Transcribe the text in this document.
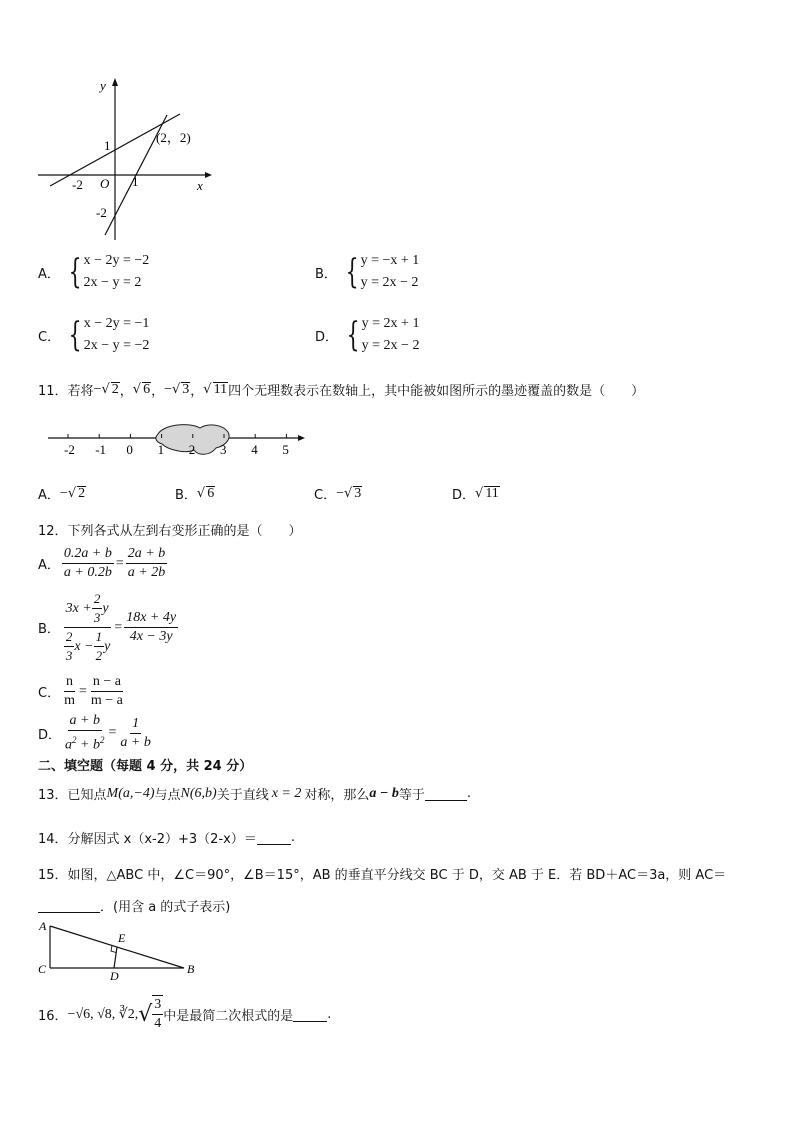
y
x
O
1
-2
-2	1
(2，2)
A． { x − 2y = −2
2x − y = 2
B． { y = −x + 1
y = 2x − 2
C． { x − 2y = −1
2x − y = −2
D． { y = 2x + 1
y = 2x − 2
11．若将 − √ 2 ， √ 6 ， − √ 3 ， √ 11 四个无理数表示在数轴上，其中能被如图所示的墨迹覆盖的数是（　　）
-2 -1 0 1 2 3 4 5
A． − √ 2	B． √ 6	C． − √ 3	D． √ 11
12．下列各式从左到右变形正确的是（　　）
A． $\frac{0.2a + b}{a + 0.2b} = \frac{2a + b}{a + 2b}$
B． $\frac{3x + \frac{2}{3} y}{\frac{2}{3} x - \frac{1}{2} y} = \frac{18x + 4y}{4x - 3y}$
C． $\frac{n}{m} = \frac{n - a}{m - a}$
D． $\frac{a + b}{a^2 + b^2} = \frac{1}{a + b}$
二、填空题（每题 4 分，共 24 分）
13．已知点 M (a,−4) 与点 N (6,b) 关于直线 x = 2 对称，那么 a − b 等于	.
14．分解因式 x（x-2）+3（2-x）＝	.
15．如图，△ABC 中，∠C＝90°，∠B＝15°，AB 的垂直平分线交 BC 于 D，交 AB 于 E．若 BD＋AC＝3a，则 AC＝
．(用含 a 的式子表示)
A
C	B
E
D
16． −√6, √8, ∛2, √ $\frac{3}{4}$ 中是最简二次根式的是	.
